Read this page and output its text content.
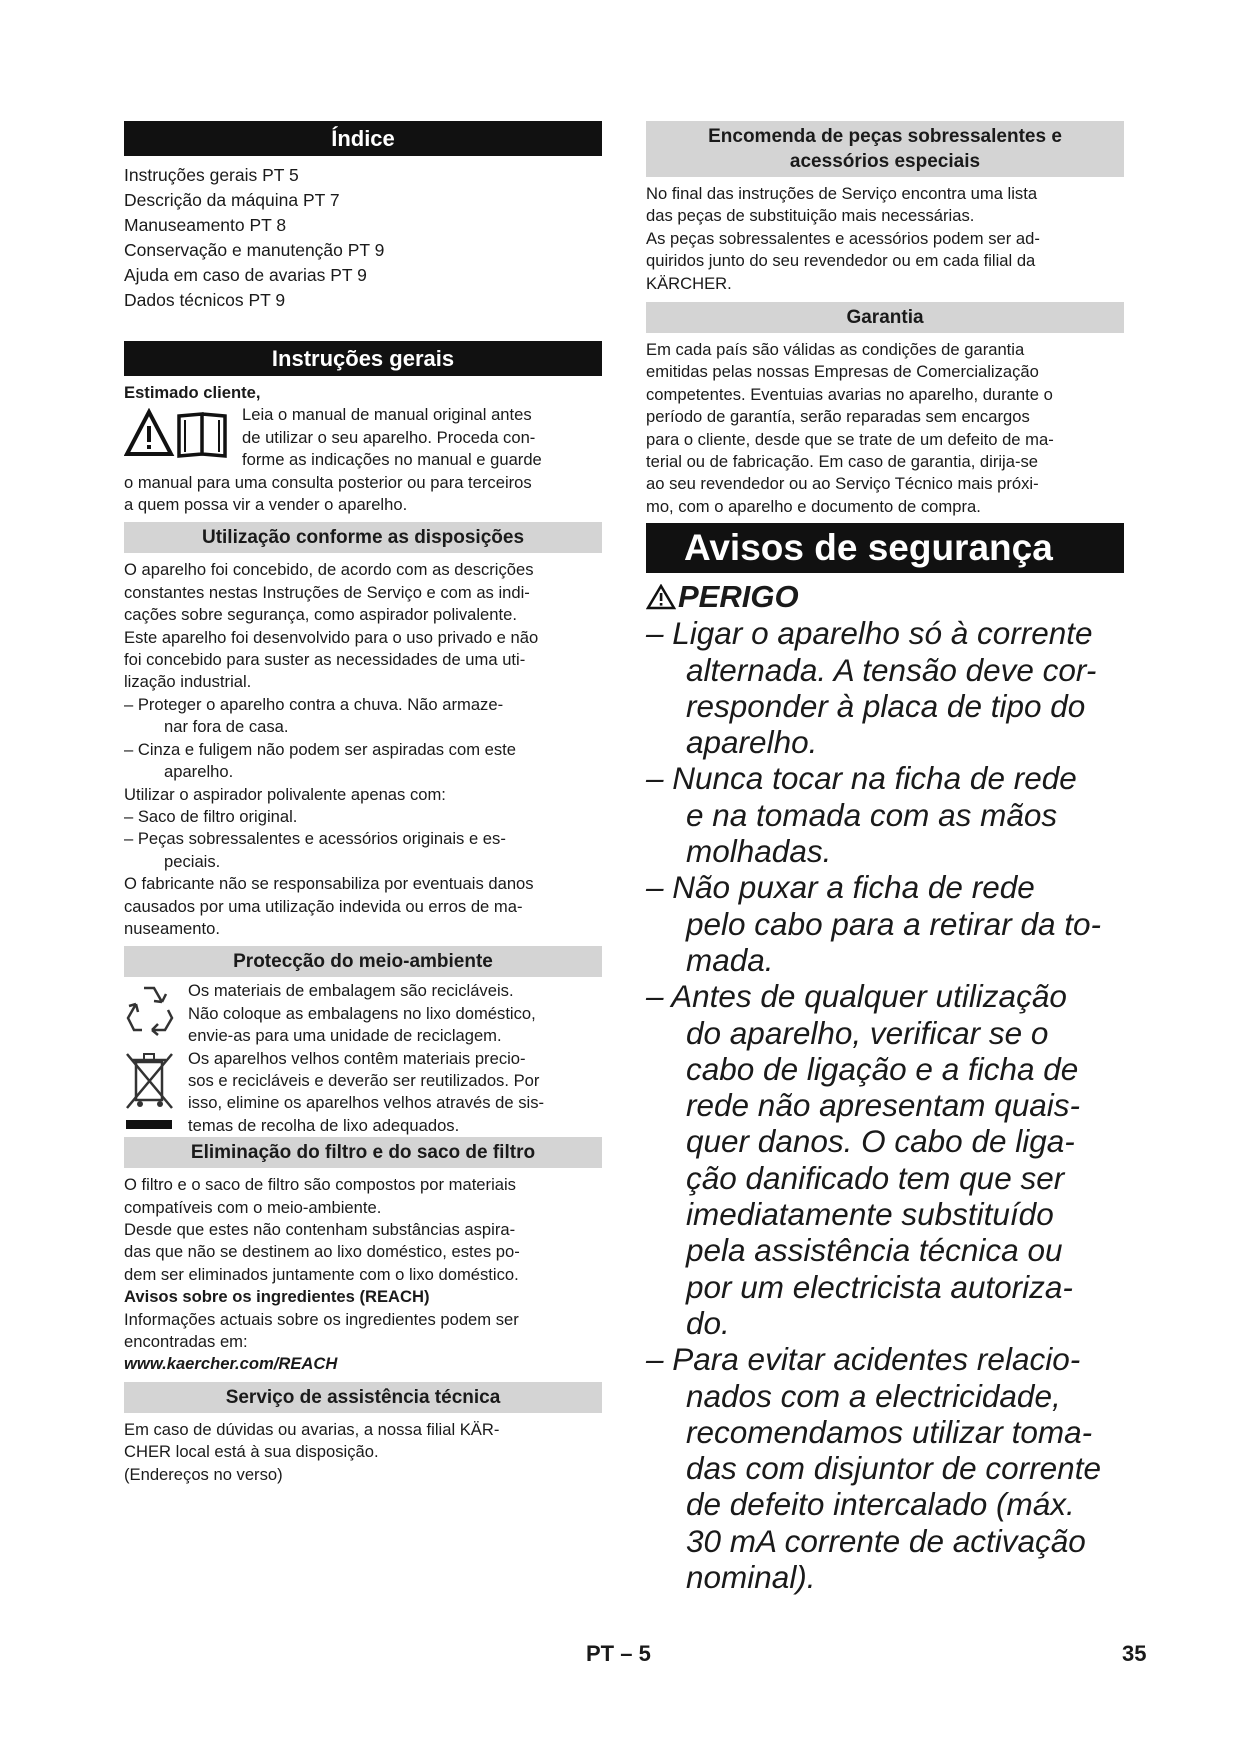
Índice
Instruções gerais PT 5
Descrição da máquina PT 7
Manuseamento PT 8
Conservação e manutenção PT 9
Ajuda em caso de avarias PT 9
Dados técnicos PT 9
Instruções gerais
Estimado cliente,
Leia o manual de manual original antes
de utilizar o seu aparelho. Proceda con-
forme as indicações no manual e guarde
o manual para uma consulta posterior ou para terceiros
a quem possa vir a vender o aparelho.
Utilização conforme as disposições
O aparelho foi concebido, de acordo com as descrições
constantes nestas Instruções de Serviço e com as indi-
cações sobre segurança, como aspirador polivalente.
Este aparelho foi desenvolvido para o uso privado e não
foi concebido para suster as necessidades de uma uti-
lização industrial.
– Proteger o aparelho contra a chuva. Não armaze-
nar fora de casa.
– Cinza e fuligem não podem ser aspiradas com este
aparelho.
Utilizar o aspirador polivalente apenas com:
– Saco de filtro original.
– Peças sobressalentes e acessórios originais e es-
peciais.
O fabricante não se responsabiliza por eventuais danos
causados por uma utilização indevida ou erros de ma-
nuseamento.
Protecção do meio-ambiente
Os materiais de embalagem são recicláveis.
Não coloque as embalagens no lixo doméstico,
envie-as para uma unidade de reciclagem.
Os aparelhos velhos contêm materiais precio-
sos e recicláveis e deverão ser reutilizados. Por
isso, elimine os aparelhos velhos através de sis-
temas de recolha de lixo adequados.
Eliminação do filtro e do saco de filtro
O filtro e o saco de filtro são compostos por materiais
compatíveis com o meio-ambiente.
Desde que estes não contenham substâncias aspira-
das que não se destinem ao lixo doméstico, estes po-
dem ser eliminados juntamente com o lixo doméstico.
Avisos sobre os ingredientes (REACH)
Informações actuais sobre os ingredientes podem ser
encontradas em:
www.kaercher.com/REACH
Serviço de assistência técnica
Em caso de dúvidas ou avarias, a nossa filial KÄR-
CHER local está à sua disposição.
(Endereços no verso)
Encomenda de peças sobressalentes e
acessórios especiais
No final das instruções de Serviço encontra uma lista
das peças de substituição mais necessárias.
As peças sobressalentes e acessórios podem ser ad-
quiridos junto do seu revendedor ou em cada filial da
KÄRCHER.
Garantia
Em cada país são válidas as condições de garantia
emitidas pelas nossas Empresas de Comercialização
competentes. Eventuias avarias no aparelho, durante o
período de garantía, serão reparadas sem encargos
para o cliente, desde que se trate de um defeito de ma-
terial ou de fabricação. Em caso de garantia, dirija-se
ao seu revendedor ou ao Serviço Técnico mais próxi-
mo, com o aparelho e documento de compra.
Avisos de segurança
PERIGO
– Ligar o aparelho só à corrente
alternada. A tensão deve cor-
responder à placa de tipo do
aparelho.
– Nunca tocar na ficha de rede
e na tomada com as mãos
molhadas.
– Não puxar a ficha de rede
pelo cabo para a retirar da to-
mada.
– Antes de qualquer utilização
do aparelho, verificar se o
cabo de ligação e a ficha de
rede não apresentam quais-
quer danos. O cabo de liga-
ção danificado tem que ser
imediatamente substituído
pela assistência técnica ou
por um electricista autoriza-
do.
– Para evitar acidentes relacio-
nados com a electricidade,
recomendamos utilizar toma-
das com disjuntor de corrente
de defeito intercalado (máx.
30 mA corrente de activação
nominal).
PT – 5	35
